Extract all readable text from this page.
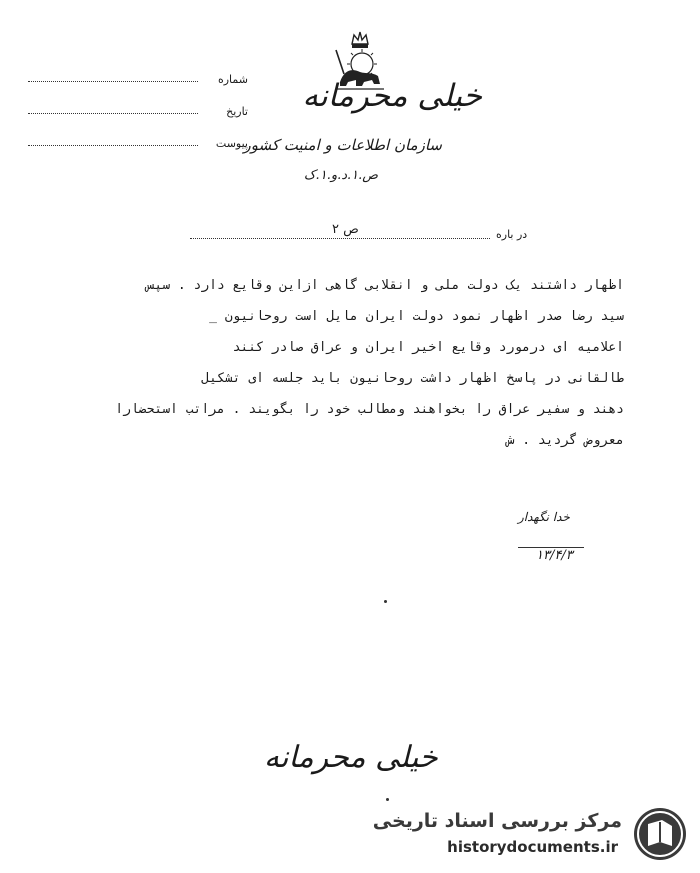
شماره
تاریخ
پیوست
خیلی محرمانه
سازمان اطلاعات و امنیت کشور
ص.۱.د.و.۱.ک
ص ۲	در باره
اظهار داشتند یک دولت ملی و انقلابی گاهی ازاین وقایع دارد . سپس
سید رضا صدر اظهار نمود دولت ایران مایل است روحانیون _
اعلامیه ای درمورد وقایع اخیر ایران و عراق صادر کنند
طالقانی در پاسخ اظهار داشت روحانیون باید جلسه ای تشکیل
دهند و سفیر عراق را بخواهند ومطالب خود را بگویند . مراتب استحضارا
معروض گردید . ش
خدا نگهدار
۱۳/۴/۳
خیلی محرمانه
مرکز بررسی اسناد تاریخی
historydocuments.ir
